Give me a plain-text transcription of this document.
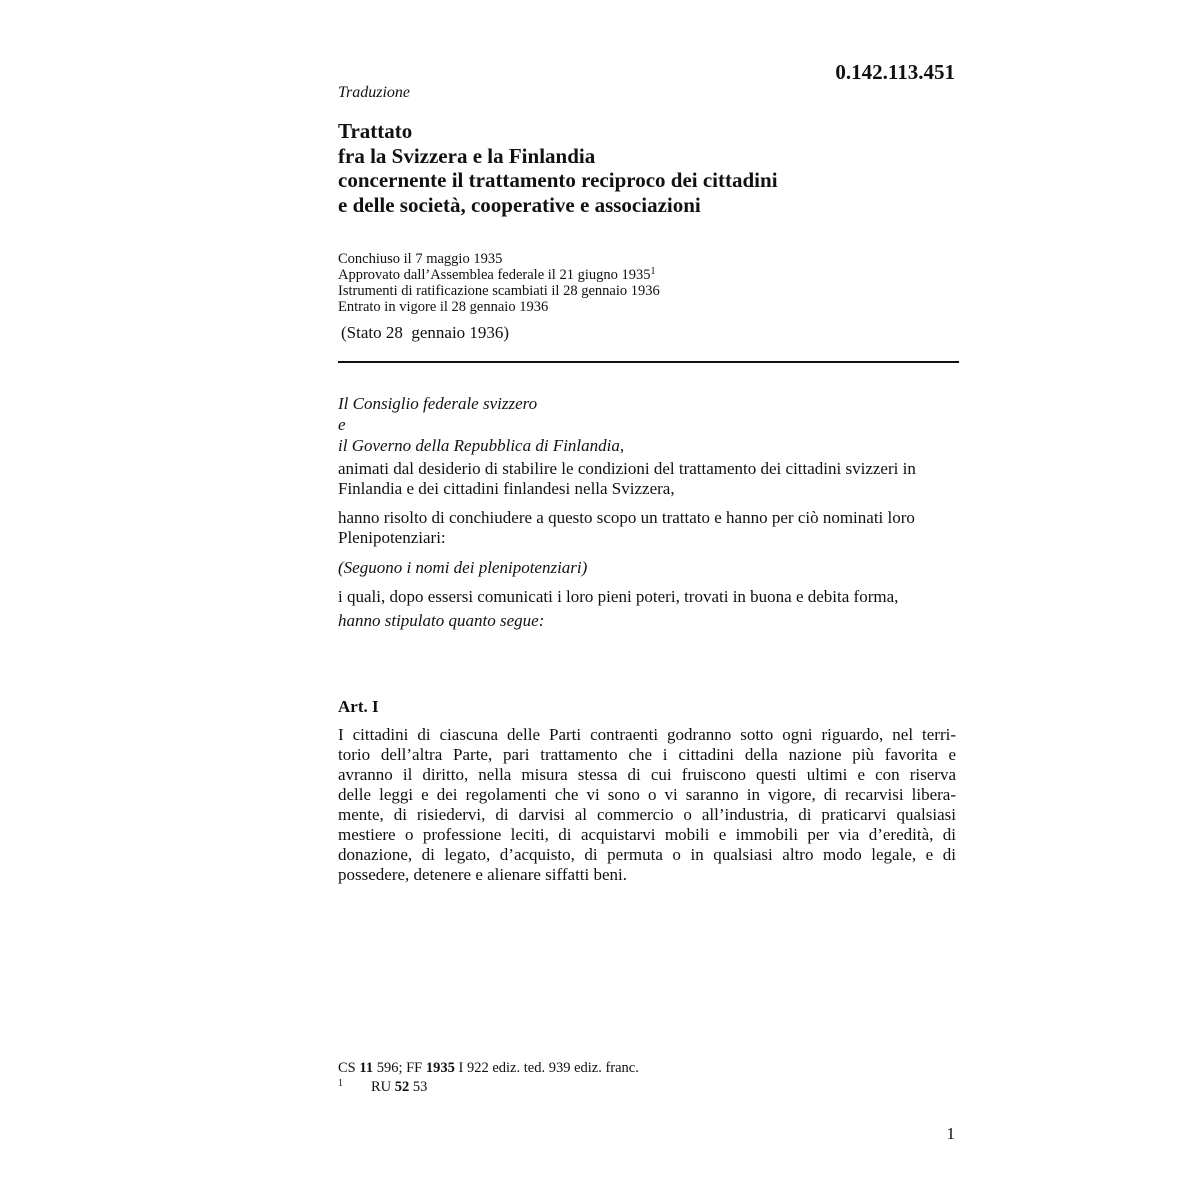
0.142.113.451
Traduzione
Trattato
fra la Svizzera e la Finlandia
concernente il trattamento reciproco dei cittadini
e delle società, cooperative e associazioni
Conchiuso il 7 maggio 1935
Approvato dall’Assemblea federale il 21 giugno 1935$^1$
Istrumenti di ratificazione scambiati il 28 gennaio 1936
Entrato in vigore il 28 gennaio 1936
(Stato 28  gennaio 1936)
Il Consiglio federale svizzero
e
il Governo della Repubblica di Finlandia,
animati dal desiderio di stabilire le condizioni del trattamento dei cittadini svizzeri in Finlandia e dei cittadini finlandesi nella Svizzera,
hanno risolto di conchiudere a questo scopo un trattato e hanno per ciò nominati loro Plenipotenziari:
(Seguono i nomi dei plenipotenziari)
i quali, dopo essersi comunicati i loro pieni poteri, trovati in buona e debita forma,
hanno stipulato quanto segue:
Art. I
I cittadini di ciascuna delle Parti contraenti godranno sotto ogni riguardo, nel terri-
torio dell’altra Parte, pari trattamento che i cittadini della nazione più favorita e
avranno il diritto, nella misura stessa di cui fruiscono questi ultimi e con riserva
delle leggi e dei regolamenti che vi sono o vi saranno in vigore, di recarvisi libera-
mente, di risiedervi, di darvisi al commercio o all’industria, di praticarvi qualsiasi
mestiere o professione leciti, di acquistarvi mobili e immobili per via d’eredità, di
donazione, di legato, d’acquisto, di permuta o in qualsiasi altro modo legale, e di
possedere, detenere e alienare siffatti beni.
CS 11 596; FF 1935 I 922 ediz. ted. 939 ediz. franc.
1 RU 52 53
1
